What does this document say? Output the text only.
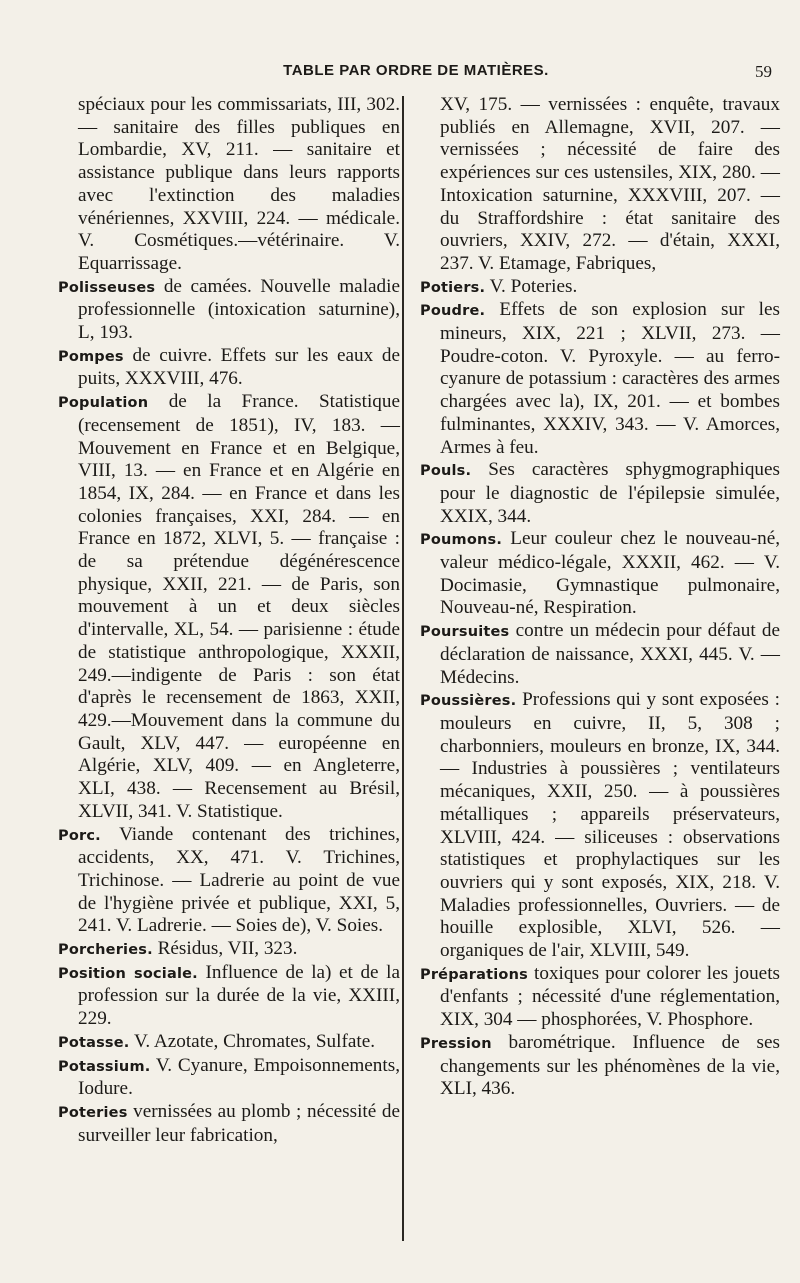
TABLE PAR ORDRE DE MATIÈRES.	59

spéciaux pour les commissariats, III, 302. — sanitaire des filles publiques en Lombardie, XV, 211. — sanitaire et assistance publique dans leurs rapports avec l'extinction des maladies vénériennes, XXVIII, 224. — médicale. V. Cosmétiques.—vétérinaire. V. Equarrissage.

Polisseuses de camées. Nouvelle maladie professionnelle (intoxication saturnine), L, 193.

Pompes de cuivre. Effets sur les eaux de puits, XXXVIII, 476.

Population de la France. Statistique (recensement de 1851), IV, 183. — Mouvement en France et en Belgique, VIII, 13. — en France et en Algérie en 1854, IX, 284. — en France et dans les colonies françaises, XXI, 284. — en France en 1872, XLVI, 5. — française : de sa prétendue dégénérescence physique, XXII, 221. — de Paris, son mouvement à un et deux siècles d'intervalle, XL, 54. — parisienne : étude de statistique anthropologique, XXXII, 249.—indigente de Paris : son état d'après le recensement de 1863, XXII, 429.—Mouvement dans la commune du Gault, XLV, 447. — européenne en Algérie, XLV, 409. — en Angleterre, XLI, 438. — Recensement au Brésil, XLVII, 341. V. Statistique.

Porc. Viande contenant des trichines, accidents, XX, 471. V. Trichines, Trichinose. — Ladrerie au point de vue de l'hygiène privée et publique, XXI, 5, 241. V. Ladrerie. — Soies de), V. Soies.

Porcheries. Résidus, VII, 323.

Position sociale. Influence de la) et de la profession sur la durée de la vie, XXIII, 229.

Potasse. V. Azotate, Chromates, Sulfate.

Potassium. V. Cyanure, Empoisonnements, Iodure.

Poteries vernissées au plomb ; nécessité de surveiller leur fabrication,

XV, 175. — vernissées : enquête, travaux publiés en Allemagne, XVII, 207. — vernissées ; nécessité de faire des expériences sur ces ustensiles, XIX, 280. — Intoxication saturnine, XXXVIII, 207. — du Straffordshire : état sanitaire des ouvriers, XXIV, 272. — d'étain, XXXI, 237. V. Etamage, Fabriques,

Potiers. V. Poteries.

Poudre. Effets de son explosion sur les mineurs, XIX, 221 ; XLVII, 273. — Poudre-coton. V. Pyroxyle. — au ferro-cyanure de potassium : caractères des armes chargées avec la), IX, 201. — et bombes fulminantes, XXXIV, 343. — V. Amorces, Armes à feu.

Pouls. Ses caractères sphygmographiques pour le diagnostic de l'épilepsie simulée, XXIX, 344.

Poumons. Leur couleur chez le nouveau-né, valeur médico-légale, XXXII, 462. — V. Docimasie, Gymnastique pulmonaire, Nouveau-né, Respiration.

Poursuites contre un médecin pour défaut de déclaration de naissance, XXXI, 445. V. — Médecins.

Poussières. Professions qui y sont exposées : mouleurs en cuivre, II, 5, 308 ; charbonniers, mouleurs en bronze, IX, 344. — Industries à poussières ; ventilateurs mécaniques, XXII, 250. — à poussières métalliques ; appareils préservateurs, XLVIII, 424. — siliceuses : observations statistiques et prophylactiques sur les ouvriers qui y sont exposés, XIX, 218. V. Maladies professionnelles, Ouvriers. — de houille explosible, XLVI, 526. — organiques de l'air, XLVIII, 549.

Préparations toxiques pour colorer les jouets d'enfants ; nécessité d'une réglementation, XIX, 304 — phosphorées, V. Phosphore.

Pression barométrique. Influence de ses changements sur les phénomènes de la vie, XLI, 436.
